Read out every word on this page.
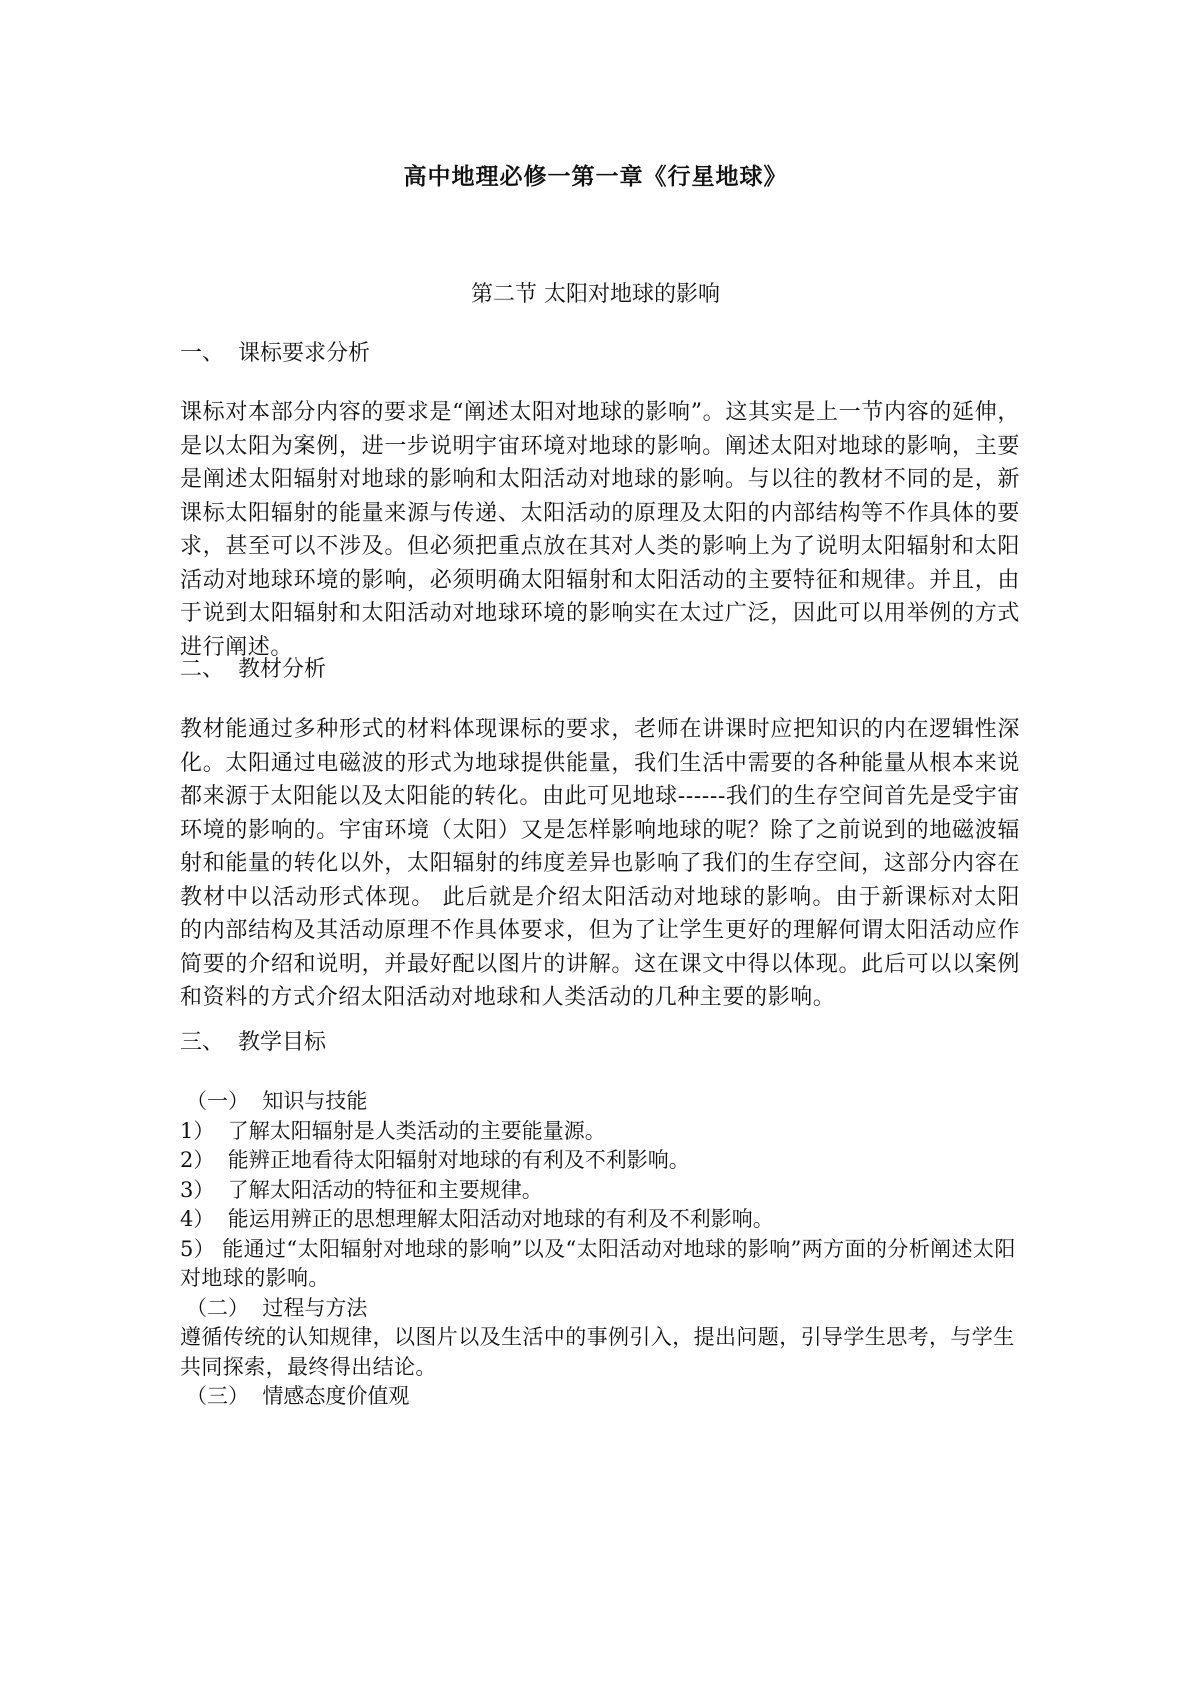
高中地理必修一第一章《行星地球》
第二节 太阳对地球的影响
一、  课标要求分析
课标对本部分内容的要求是“阐述太阳对地球的影响”。这其实是上一节内容的延伸，是以太阳为案例，进一步说明宇宙环境对地球的影响。阐述太阳对地球的影响，主要是阐述太阳辐射对地球的影响和太阳活动对地球的影响。与以往的教材不同的是，新课标太阳辐射的能量来源与传递、太阳活动的原理及太阳的内部结构等不作具体的要求，甚至可以不涉及。但必须把重点放在其对人类的影响上为了说明太阳辐射和太阳活动对地球环境的影响，必须明确太阳辐射和太阳活动的主要特征和规律。并且，由于说到太阳辐射和太阳活动对地球环境的影响实在太过广泛，因此可以用举例的方式进行阐述。
二、  教材分析
教材能通过多种形式的材料体现课标的要求，老师在讲课时应把知识的内在逻辑性深化。太阳通过电磁波的形式为地球提供能量，我们生活中需要的各种能量从根本来说都来源于太阳能以及太阳能的转化。由此可见地球------我们的生存空间首先是受宇宙环境的影响的。宇宙环境（太阳）又是怎样影响地球的呢？除了之前说到的地磁波辐射和能量的转化以外，太阳辐射的纬度差异也影响了我们的生存空间，这部分内容在教材中以活动形式体现。 此后就是介绍太阳活动对地球的影响。由于新课标对太阳的内部结构及其活动原理不作具体要求，但为了让学生更好的理解何谓太阳活动应作简要的介绍和说明，并最好配以图片的讲解。这在课文中得以体现。此后可以以案例和资料的方式介绍太阳活动对地球和人类活动的几种主要的影响。
三、  教学目标
（一）  知识与技能
1）  了解太阳辐射是人类活动的主要能量源。
2）  能辨正地看待太阳辐射对地球的有利及不利影响。
3）  了解太阳活动的特征和主要规律。
4）  能运用辨正的思想理解太阳活动对地球的有利及不利影响。
5） 能通过“太阳辐射对地球的影响”以及“太阳活动对地球的影响”两方面的分析阐述太阳对地球的影响。
（二）  过程与方法
遵循传统的认知规律，以图片以及生活中的事例引入，提出问题，引导学生思考，与学生共同探索，最终得出结论。
（三）  情感态度价值观
